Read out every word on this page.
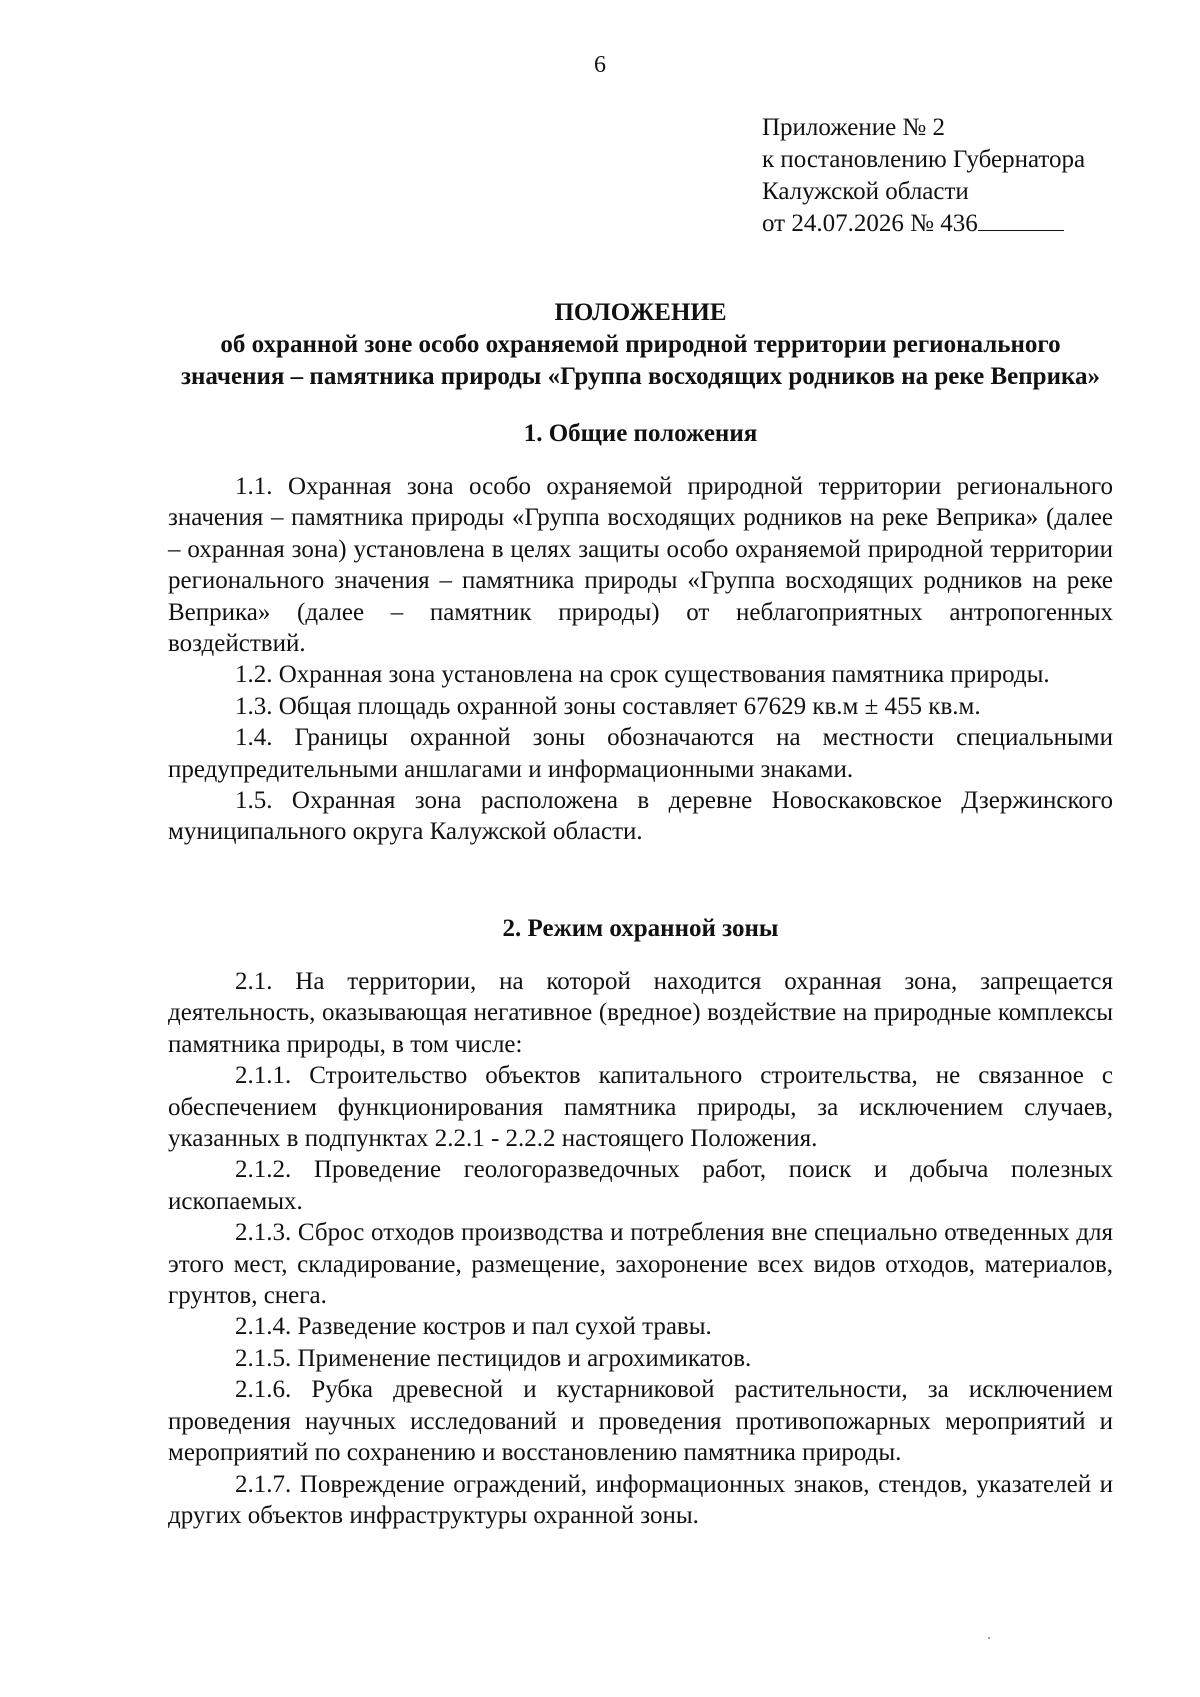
6
Приложение № 2
к постановлению Губернатора
Калужской области
от 24.07.2026 № 436
ПОЛОЖЕНИЕ
об охранной зоне особо охраняемой природной территории регионального значения – памятника природы «Группа восходящих родников на реке Веприка»
1. Общие положения

1.1. Охранная зона особо охраняемой природной территории регионального значения – памятника природы «Группа восходящих родников на реке Веприка» (далее – охранная зона) установлена в целях защиты особо охраняемой природной территории регионального значения – памятника природы «Группа восходящих родников на реке Веприка» (далее – памятник природы) от неблагоприятных антропогенных воздействий.

1.2. Охранная зона установлена на срок существования памятника природы.

1.3. Общая площадь охранной зоны составляет 67629 кв.м ± 455 кв.м.

1.4. Границы охранной зоны обозначаются на местности специальными предупредительными аншлагами и информационными знаками.

1.5. Охранная зона расположена в деревне Новоскаковское Дзержинского муниципального округа Калужской области.

2. Режим охранной зоны

2.1. На территории, на которой находится охранная зона, запрещается деятельность, оказывающая негативное (вредное) воздействие на природные комплексы памятника природы, в том числе:

2.1.1. Строительство объектов капитального строительства, не связанное с обеспечением функционирования памятника природы, за исключением случаев, указанных в подпунктах 2.2.1 - 2.2.2 настоящего Положения.

2.1.2. Проведение геологоразведочных работ, поиск и добыча полезных ископаемых.

2.1.3. Сброс отходов производства и потребления вне специально отведенных для этого мест, складирование, размещение, захоронение всех видов отходов, материалов, грунтов, снега.

2.1.4. Разведение костров и пал сухой травы.

2.1.5. Применение пестицидов и агрохимикатов.

2.1.6. Рубка древесной и кустарниковой растительности, за исключением проведения научных исследований и проведения противопожарных мероприятий и мероприятий по сохранению и восстановлению памятника природы.

2.1.7. Повреждение ограждений, информационных знаков, стендов, указателей и других объектов инфраструктуры охранной зоны.
